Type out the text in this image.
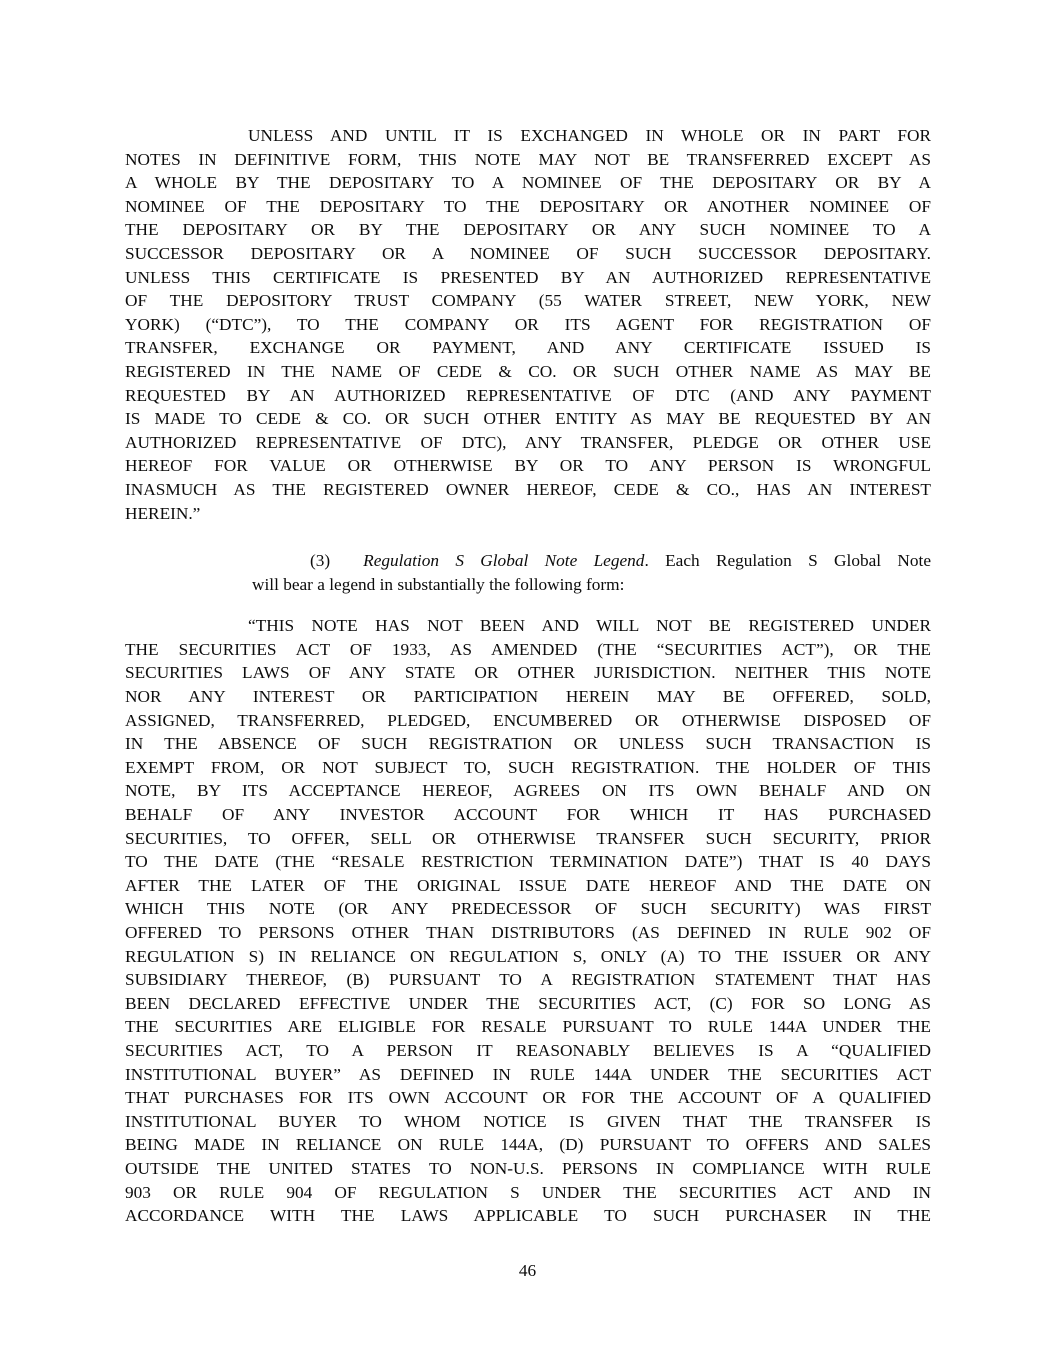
UNLESS AND UNTIL IT IS EXCHANGED IN WHOLE OR IN PART FOR
NOTES IN DEFINITIVE FORM, THIS NOTE MAY NOT BE TRANSFERRED EXCEPT AS
A WHOLE BY THE DEPOSITARY TO A NOMINEE OF THE DEPOSITARY OR BY A
NOMINEE OF THE DEPOSITARY TO THE DEPOSITARY OR ANOTHER NOMINEE OF
THE DEPOSITARY OR BY THE DEPOSITARY OR ANY SUCH NOMINEE TO A
SUCCESSOR DEPOSITARY OR A NOMINEE OF SUCH SUCCESSOR DEPOSITARY.
UNLESS THIS CERTIFICATE IS PRESENTED BY AN AUTHORIZED REPRESENTATIVE
OF THE DEPOSITORY TRUST COMPANY (55 WATER STREET, NEW YORK, NEW
YORK) (“DTC”), TO THE COMPANY OR ITS AGENT FOR REGISTRATION OF
TRANSFER, EXCHANGE OR PAYMENT, AND ANY CERTIFICATE ISSUED IS
REGISTERED IN THE NAME OF CEDE & CO. OR SUCH OTHER NAME AS MAY BE
REQUESTED BY AN AUTHORIZED REPRESENTATIVE OF DTC (AND ANY PAYMENT
IS MADE TO CEDE & CO. OR SUCH OTHER ENTITY AS MAY BE REQUESTED BY AN
AUTHORIZED REPRESENTATIVE OF DTC), ANY TRANSFER, PLEDGE OR OTHER USE
HEREOF FOR VALUE OR OTHERWISE BY OR TO ANY PERSON IS WRONGFUL
INASMUCH AS THE REGISTERED OWNER HEREOF, CEDE & CO., HAS AN INTEREST
HEREIN.”
(3) Regulation S Global Note Legend. Each Regulation S Global Note
will bear a legend in substantially the following form:
“THIS NOTE HAS NOT BEEN AND WILL NOT BE REGISTERED UNDER
THE SECURITIES ACT OF 1933, AS AMENDED (THE “SECURITIES ACT”), OR THE
SECURITIES LAWS OF ANY STATE OR OTHER JURISDICTION. NEITHER THIS NOTE
NOR ANY INTEREST OR PARTICIPATION HEREIN MAY BE OFFERED, SOLD,
ASSIGNED, TRANSFERRED, PLEDGED, ENCUMBERED OR OTHERWISE DISPOSED OF
IN THE ABSENCE OF SUCH REGISTRATION OR UNLESS SUCH TRANSACTION IS
EXEMPT FROM, OR NOT SUBJECT TO, SUCH REGISTRATION. THE HOLDER OF THIS
NOTE, BY ITS ACCEPTANCE HEREOF, AGREES ON ITS OWN BEHALF AND ON
BEHALF OF ANY INVESTOR ACCOUNT FOR WHICH IT HAS PURCHASED
SECURITIES, TO OFFER, SELL OR OTHERWISE TRANSFER SUCH SECURITY, PRIOR
TO THE DATE (THE “RESALE RESTRICTION TERMINATION DATE”) THAT IS 40 DAYS
AFTER THE LATER OF THE ORIGINAL ISSUE DATE HEREOF AND THE DATE ON
WHICH THIS NOTE (OR ANY PREDECESSOR OF SUCH SECURITY) WAS FIRST
OFFERED TO PERSONS OTHER THAN DISTRIBUTORS (AS DEFINED IN RULE 902 OF
REGULATION S) IN RELIANCE ON REGULATION S, ONLY (A) TO THE ISSUER OR ANY
SUBSIDIARY THEREOF, (B) PURSUANT TO A REGISTRATION STATEMENT THAT HAS
BEEN DECLARED EFFECTIVE UNDER THE SECURITIES ACT, (C) FOR SO LONG AS
THE SECURITIES ARE ELIGIBLE FOR RESALE PURSUANT TO RULE 144A UNDER THE
SECURITIES ACT, TO A PERSON IT REASONABLY BELIEVES IS A “QUALIFIED
INSTITUTIONAL BUYER” AS DEFINED IN RULE 144A UNDER THE SECURITIES ACT
THAT PURCHASES FOR ITS OWN ACCOUNT OR FOR THE ACCOUNT OF A QUALIFIED
INSTITUTIONAL BUYER TO WHOM NOTICE IS GIVEN THAT THE TRANSFER IS
BEING MADE IN RELIANCE ON RULE 144A, (D) PURSUANT TO OFFERS AND SALES
OUTSIDE THE UNITED STATES TO NON-U.S. PERSONS IN COMPLIANCE WITH RULE
903 OR RULE 904 OF REGULATION S UNDER THE SECURITIES ACT AND IN
ACCORDANCE WITH THE LAWS APPLICABLE TO SUCH PURCHASER IN THE
46
